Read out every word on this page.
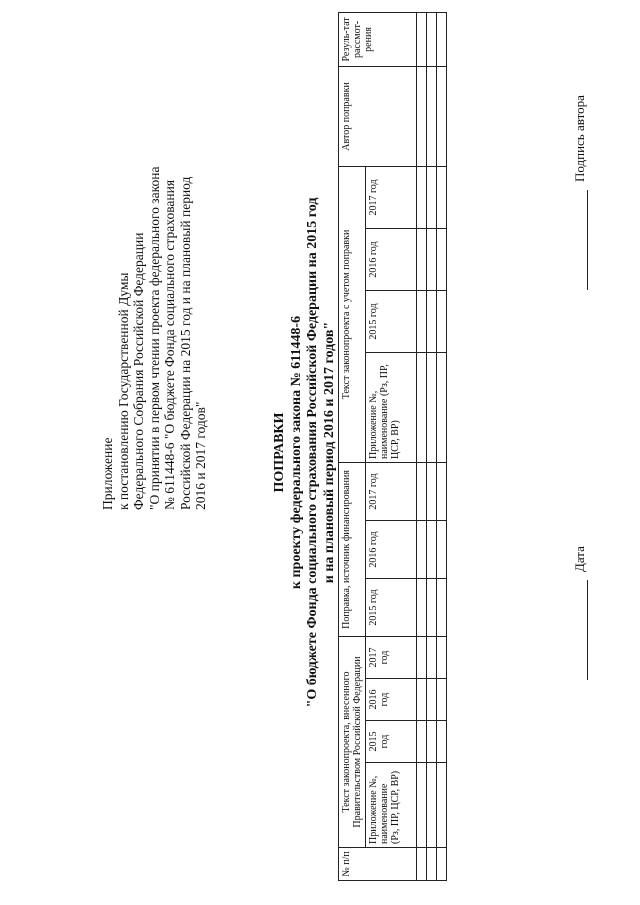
Приложение к постановлению Государственной Думы Федерального Собрания Российской Федерации "О принятии в первом чтении проекта федерального закона № 611448-6 "О бюджете Фонда социального страхования Российской Федерации на 2015 год и на плановый период 2016 и 2017 годов"	ПОПРАВКИ к проекту федерального закона № 611448-6 "О бюджете Фонда социального страхования Российской Федерации на 2015 год и на плановый период 2016 и 2017 годов"
№ п/п	Текст законопроекта, внесенного Правительством Российской Федерации				Поправка, источник финансирования			Текст законопроекта с учетом поправки				Автор поправки	Резуль-тат рассмот-рения
	Приложение №, наименование (Рз, ПР, ЦСР, ВР)	2015 год	2016 год	2017 год	2015 год	2016 год	2017 год	Приложение №, наименование (Рз, ПР, ЦСР, ВР)	2015 год	2016 год	2017 год		

Дата
Подпись автора
